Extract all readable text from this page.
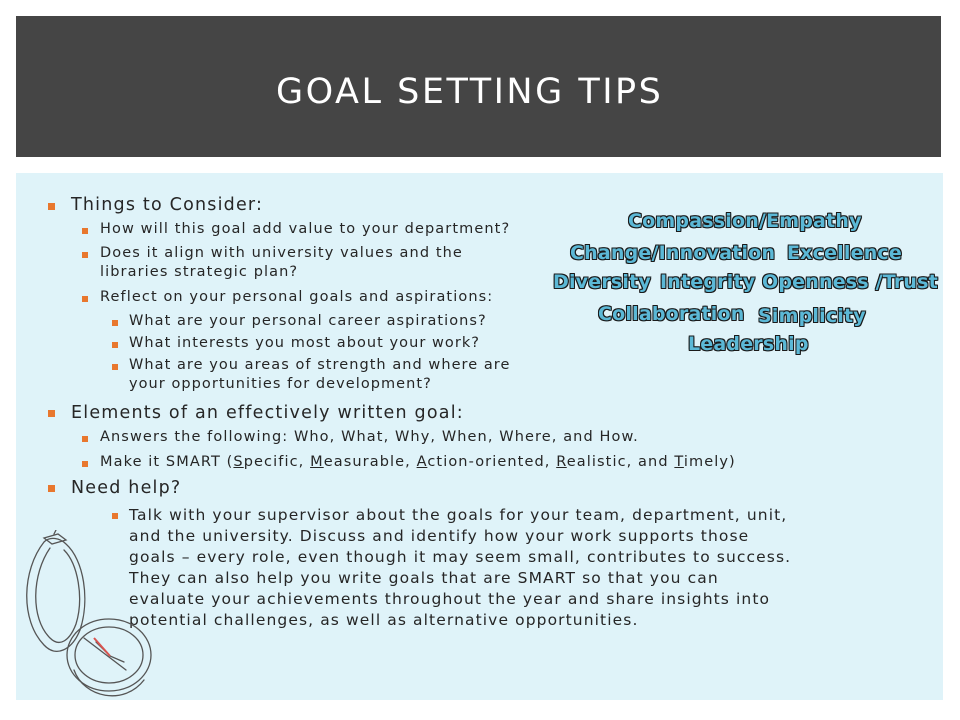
GOAL SETTING TIPS
Things to Consider:
How will this goal add value to your department?
Does it align with university values and the
libraries strategic plan?
Reflect on your personal goals and aspirations:
What are your personal career aspirations?
What interests you most about your work?
What are you areas of strength and where are
your opportunities for development?
Elements of an effectively written goal:
Answers the following: Who, What, Why, When, Where, and How.
Make it SMART (Specific, Measurable, Action-oriented, Realistic, and Timely)
Need help?
Talk with your supervisor about the goals for your team, department, unit,
and the university. Discuss and identify how your work supports those
goals – every role, even though it may seem small, contributes to success.
They can also help you write goals that are SMART so that you can
evaluate your achievements throughout the year and share insights into
potential challenges, as well as alternative opportunities.
Compassion/Empathy
Change/Innovation Excellence
Diversity Integrity Openness /Trust
Collaboration Simplicity
Leadership
